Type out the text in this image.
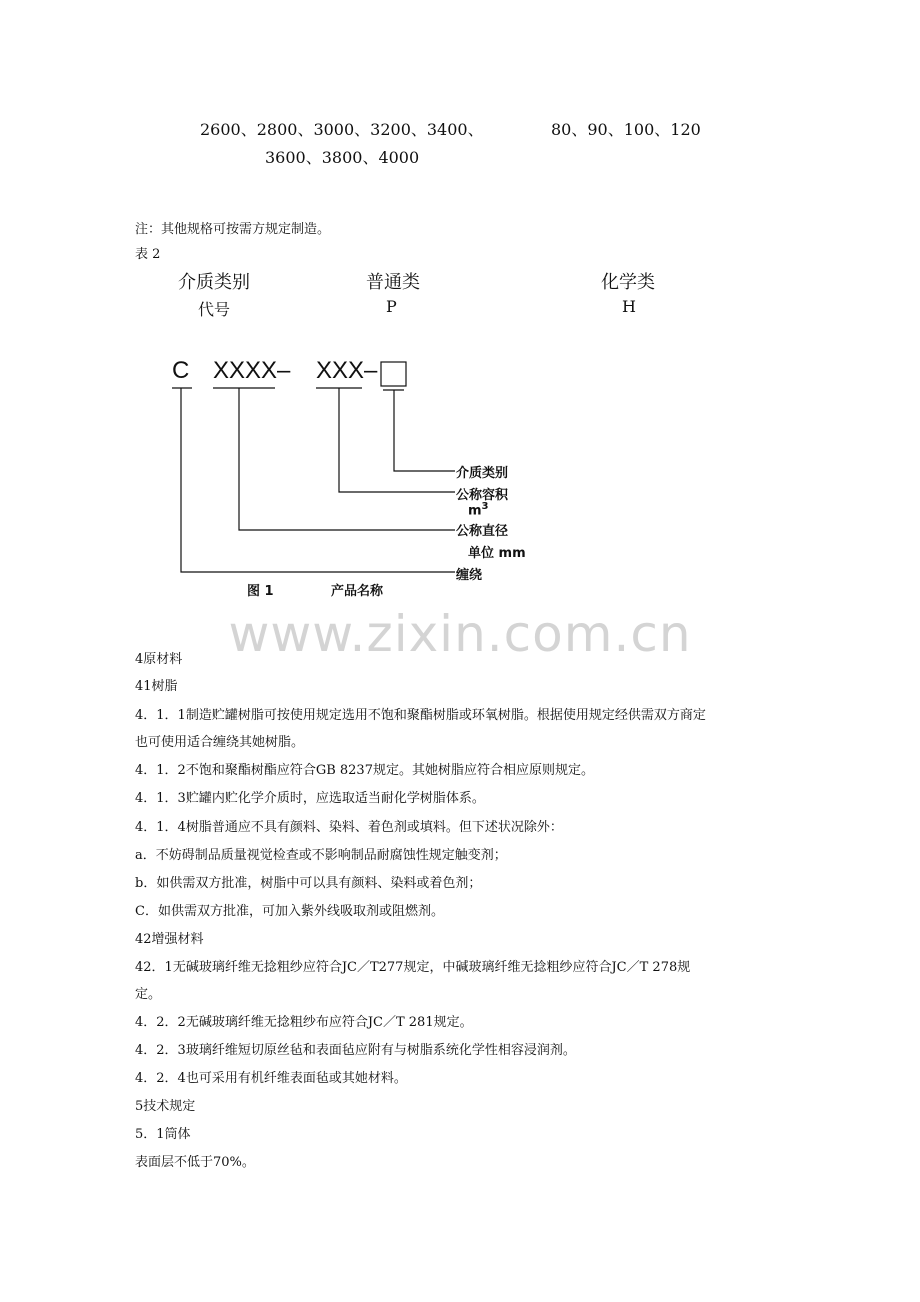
2600、2800、3000、3200、3400、	80、90、100、120
3600、3800、4000
注：其他规格可按需方规定制造。
表 2
介质类别	普通类	化学类
代号	P	H
C XXXX– XXX–
介质类别
公称容积
$m^3$
公称直径
单位 mm
缠绕
图 1	产品名称
www.zixin.com.cn
4原材料
41树脂
4．1．1制造贮罐树脂可按使用规定选用不饱和聚酯树脂或环氧树脂。根据使用规定经供需双方商定
也可使用适合缠绕其她树脂。
4．1．2不饱和聚酯树酯应符合GB 8237规定。其她树脂应符合相应原则规定。
4．1．3贮罐内贮化学介质时，应选取适当耐化学树脂体系。
4．1．4树脂普通应不具有颜料、染料、着色剂或填料。但下述状况除外：
a．不妨碍制品质量视觉检查或不影响制品耐腐蚀性规定触变剂；
b．如供需双方批准，树脂中可以具有颜料、染料或着色剂；
C．如供需双方批准，可加入紫外线吸取剂或阻燃剂。
42增强材料
42．1无碱玻璃纤维无捻粗纱应符合JC／T277规定，中碱玻璃纤维无捻粗纱应符合JC／T 278规
定。
4．2．2无碱玻璃纤维无捻粗纱布应符合JC／T 281规定。
4．2．3玻璃纤维短切原丝毡和表面毡应附有与树脂系统化学性相容浸润剂。
4．2．4也可采用有机纤维表面毡或其她材料。
5技术规定
5．1筒体
表面层不低于70%。
